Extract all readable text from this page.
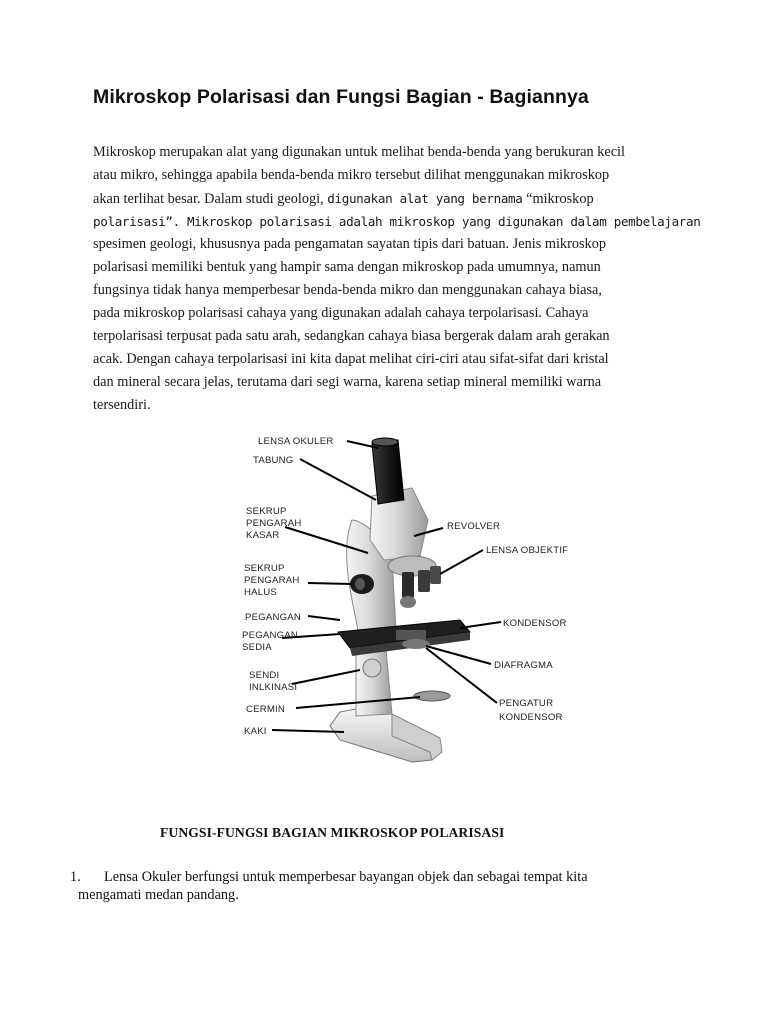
Mikroskop Polarisasi dan Fungsi Bagian - Bagiannya
Mikroskop merupakan alat yang digunakan untuk melihat benda-benda yang berukuran kecil
atau mikro, sehingga apabila benda-benda mikro tersebut dilihat menggunakan mikroskop
akan terlihat besar. Dalam studi geologi, digunakan alat yang bernama “mikroskop
polarisasi”. Mikroskop polarisasi adalah mikroskop yang digunakan dalam pembelajaran
spesimen geologi, khususnya pada pengamatan sayatan tipis dari batuan. Jenis mikroskop
polarisasi memiliki bentuk yang hampir sama dengan mikroskop pada umumnya, namun
fungsinya tidak hanya memperbesar benda-benda mikro dan menggunakan cahaya biasa,
pada mikroskop polarisasi cahaya yang digunakan adalah cahaya terpolarisasi. Cahaya
terpolarisasi terpusat pada satu arah, sedangkan cahaya biasa bergerak dalam arah gerakan
acak. Dengan cahaya terpolarisasi ini kita dapat melihat ciri-ciri atau sifat-sifat dari kristal
dan mineral secara jelas, terutama dari segi warna, karena setiap mineral memiliki warna
tersendiri.
LENSA OKULER
TABUNG
SEKRUP
PENGARAH
KASAR
SEKRUP
PENGARAH
HALUS
PEGANGAN
PEGANGAN
SEDIA
SENDI
INLKINASI
CERMIN
KAKI
REVOLVER
LENSA OBJEKTIF
KONDENSOR
DIAFRAGMA
PENGATUR
KONDENSOR
FUNGSI-FUNGSI BAGIAN MIKROSKOP POLARISASI
1.	Lensa Okuler berfungsi untuk memperbesar bayangan objek dan sebagai tempat kita
mengamati medan pandang.
